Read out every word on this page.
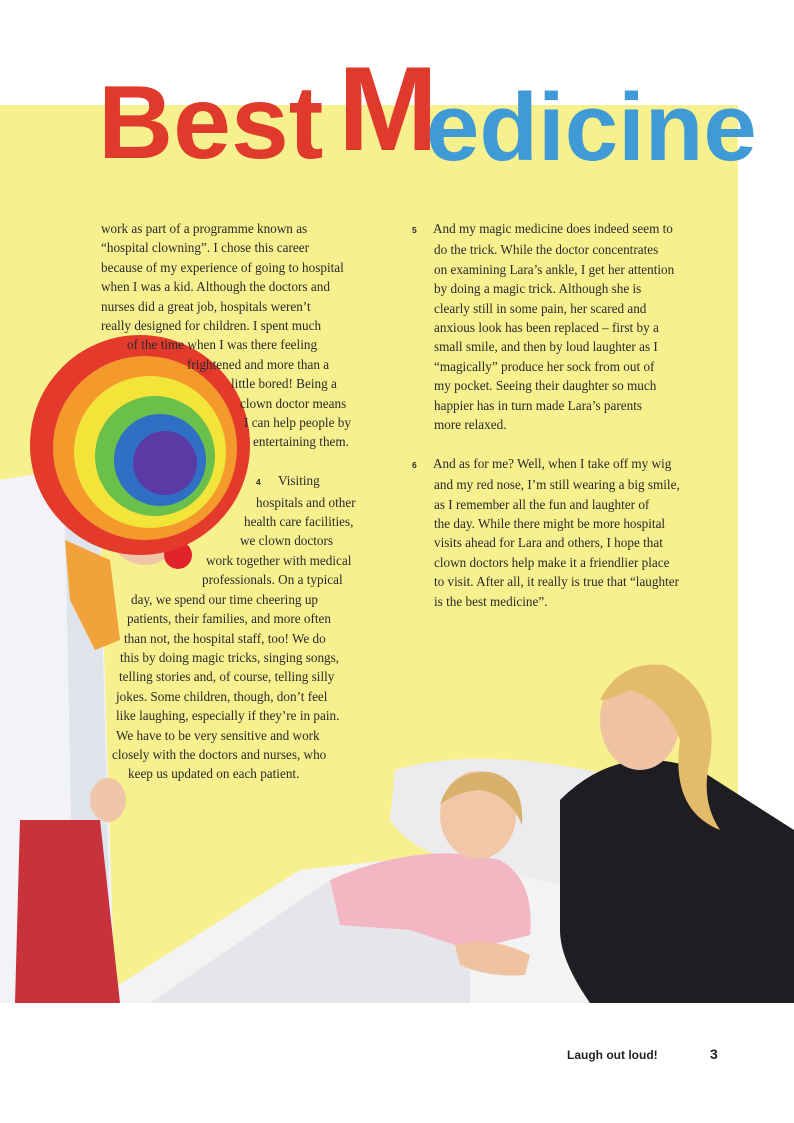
Best M
edicine
work as part of a programme known as
“hospital clowning”. I chose this career
because of my experience of going to hospital
when I was a kid. Although the doctors and
nurses did a great job, hospitals weren’t
really designed for children. I spent much
of the time when I was there feeling
frightened and more than a
little bored! Being a
clown doctor means
I can help people by
entertaining them.
4 Visiting
hospitals and other
health care facilities,
we clown doctors
work together with medical
professionals. On a typical
day, we spend our time cheering up
patients, their families, and more often
than not, the hospital staff, too! We do
this by doing magic tricks, singing songs,
telling stories and, of course, telling silly
jokes. Some children, though, don’t feel
like laughing, especially if they’re in pain.
We have to be very sensitive and work
closely with the doctors and nurses, who
keep us updated on each patient.
5 And my magic medicine does indeed seem to
do the trick. While the doctor concentrates
on examining Lara’s ankle, I get her attention
by doing a magic trick. Although she is
clearly still in some pain, her scared and
anxious look has been replaced – first by a
small smile, and then by loud laughter as I
“magically” produce her sock from out of
my pocket. Seeing their daughter so much
happier has in turn made Lara’s parents
more relaxed.
6 And as for me? Well, when I take off my wig
and my red nose, I’m still wearing a big smile,
as I remember all the fun and laughter of
the day. While there might be more hospital
visits ahead for Lara and others, I hope that
clown doctors help make it a friendlier place
to visit. After all, it really is true that “laughter
is the best medicine”.
Laugh out loud!	3
